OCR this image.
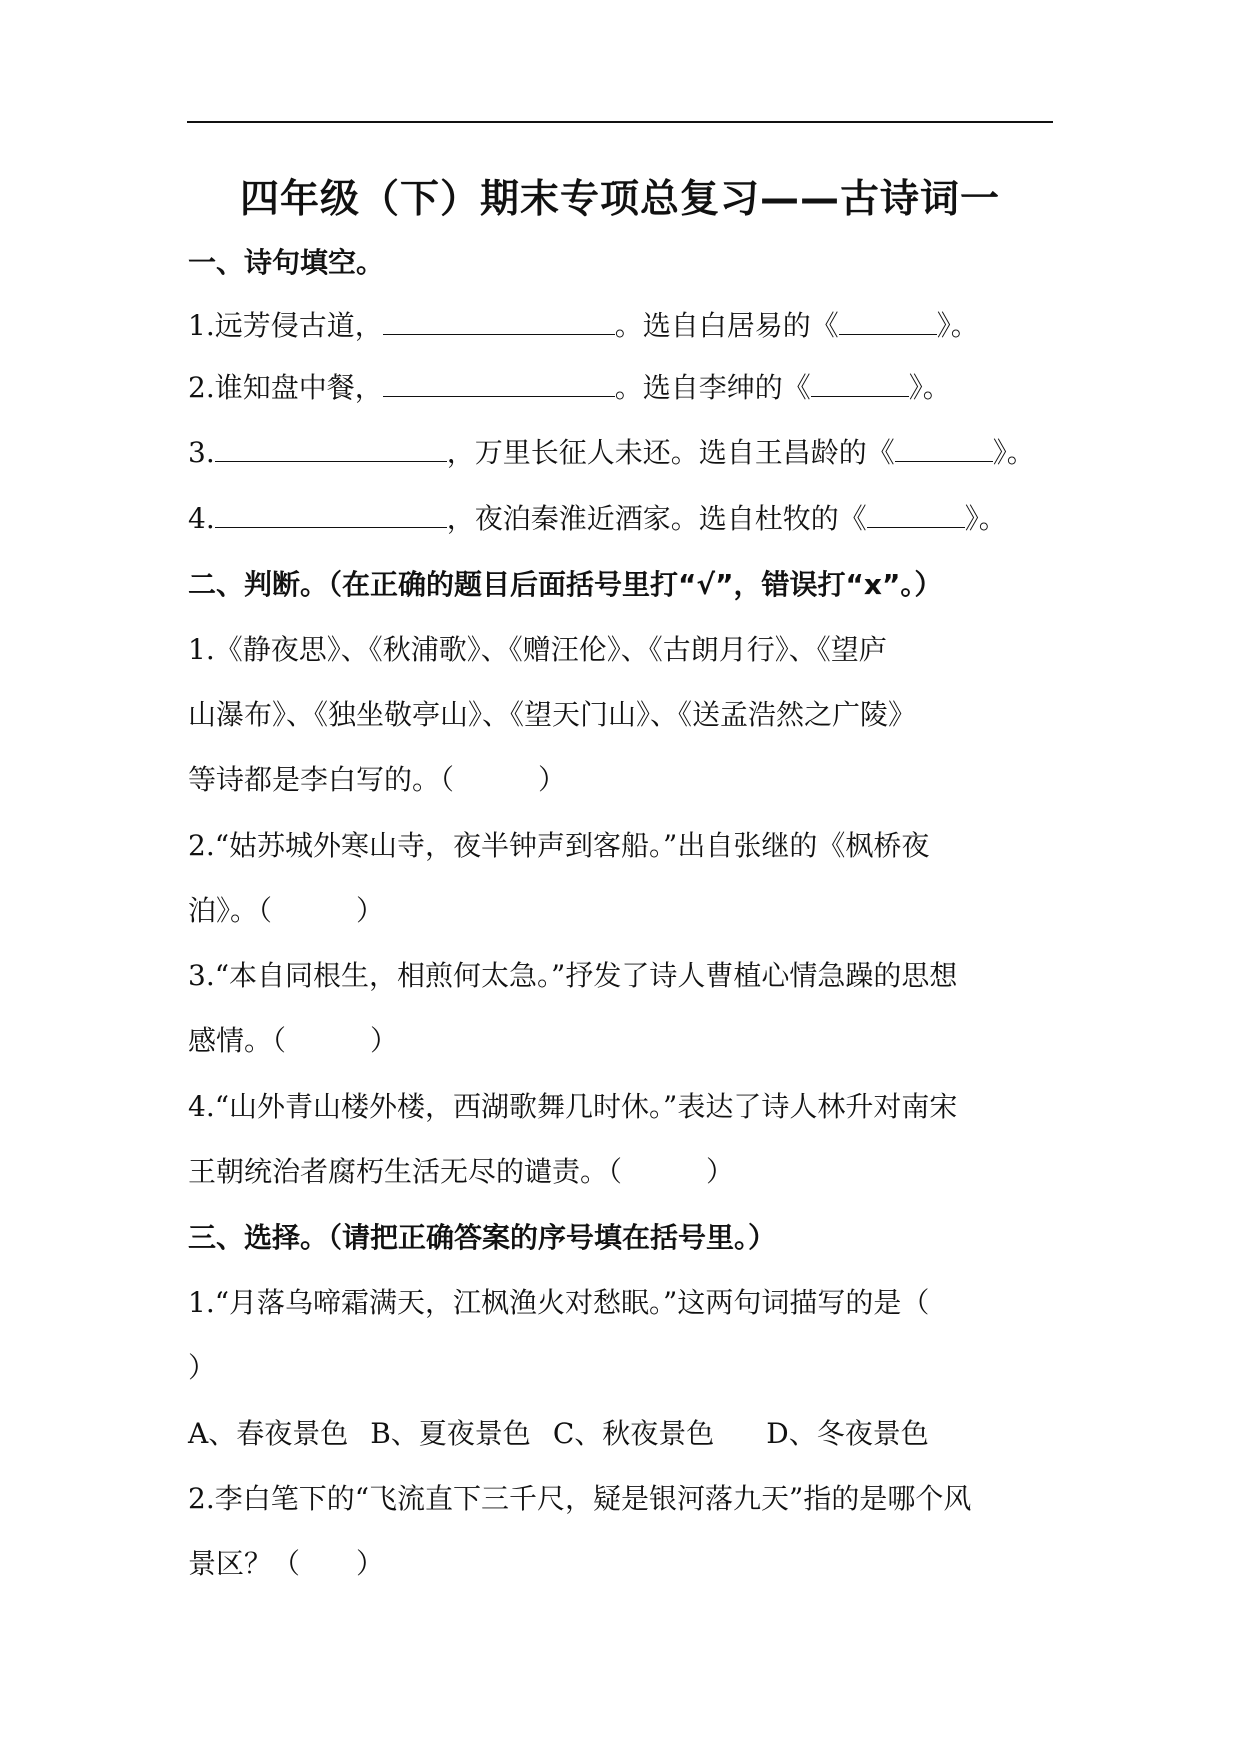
四年级（下）期末专项总复习——古诗词一
一、诗句填空。
1.远芳侵古道，	。选自白居易的《	》。
2.谁知盘中餐，	。选自李绅的《	》。
3.	，万里长征人未还。选自王昌龄的《	》。
4.	，夜泊秦淮近酒家。选自杜牧的《	》。
二、判断。（在正确的题目后面括号里打“√”，错误打“x”。）
1.《静夜思》、《秋浦歌》、《赠汪伦》、《古朗月行》、《望庐
山瀑布》、《独坐敬亭山》、《望天门山》、《送孟浩然之广陵》
等诗都是李白写的。（	）
2.“姑苏城外寒山寺，夜半钟声到客船。”出自张继的《枫桥夜
泊》。（	）
3.“本自同根生，相煎何太急。”抒发了诗人曹植心情急躁的思想
感情。（	）
4.“山外青山楼外楼，西湖歌舞几时休。”表达了诗人林升对南宋
王朝统治者腐朽生活无尽的谴责。（	）
三、选择。（请把正确答案的序号填在括号里。）
1.“月落乌啼霜满天，江枫渔火对愁眠。”这两句词描写的是（
）
A、春夜景色 B、夏夜景色 C、秋夜景色 D、冬夜景色
2.李白笔下的“飞流直下三千尺，疑是银河落九天”指的是哪个风
景区？（ ）
